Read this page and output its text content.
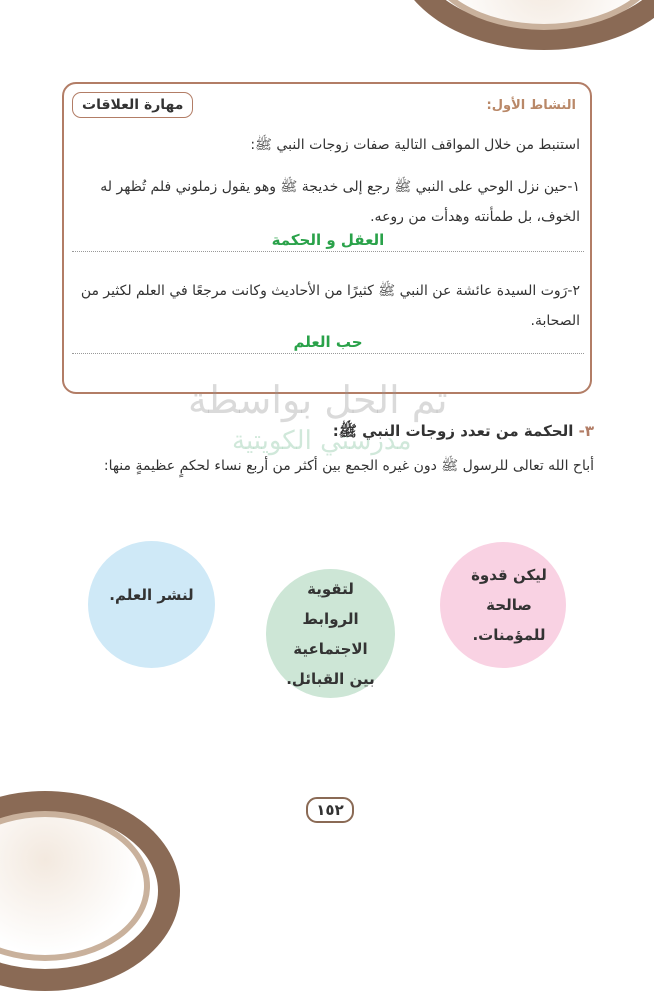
مهارة العلاقات	النشاط الأول:
استنبط من خلال المواقف التالية صفات زوجات النبي ﷺ:
١-حين نزل الوحي على النبي ﷺ رجع إلى خديجة ﷺ وهو يقول زملوني فلم تُظهر له الخوف، بل طمأنته وهدأت من روعه.
العقل و الحكمة
٢-رَوت السيدة عائشة عن النبي ﷺ كثيرًا من الأحاديث وكانت مرجعًا في العلم لكثير من الصحابة.
حب العلم
تم الحل بواسطة
مدرستي الكويتية	٣- الحكمة من تعدد زوجات النبي ﷺ:
أباح الله تعالى للرسول ﷺ دون غيره الجمع بين أكثر من أربع نساء لحكمٍ عظيمةٍ منها:
لنشر العلم.	لتقوية الروابط الاجتماعية بين القبائل.
ليكن قدوة صالحة للمؤمنات.
١٥٢
